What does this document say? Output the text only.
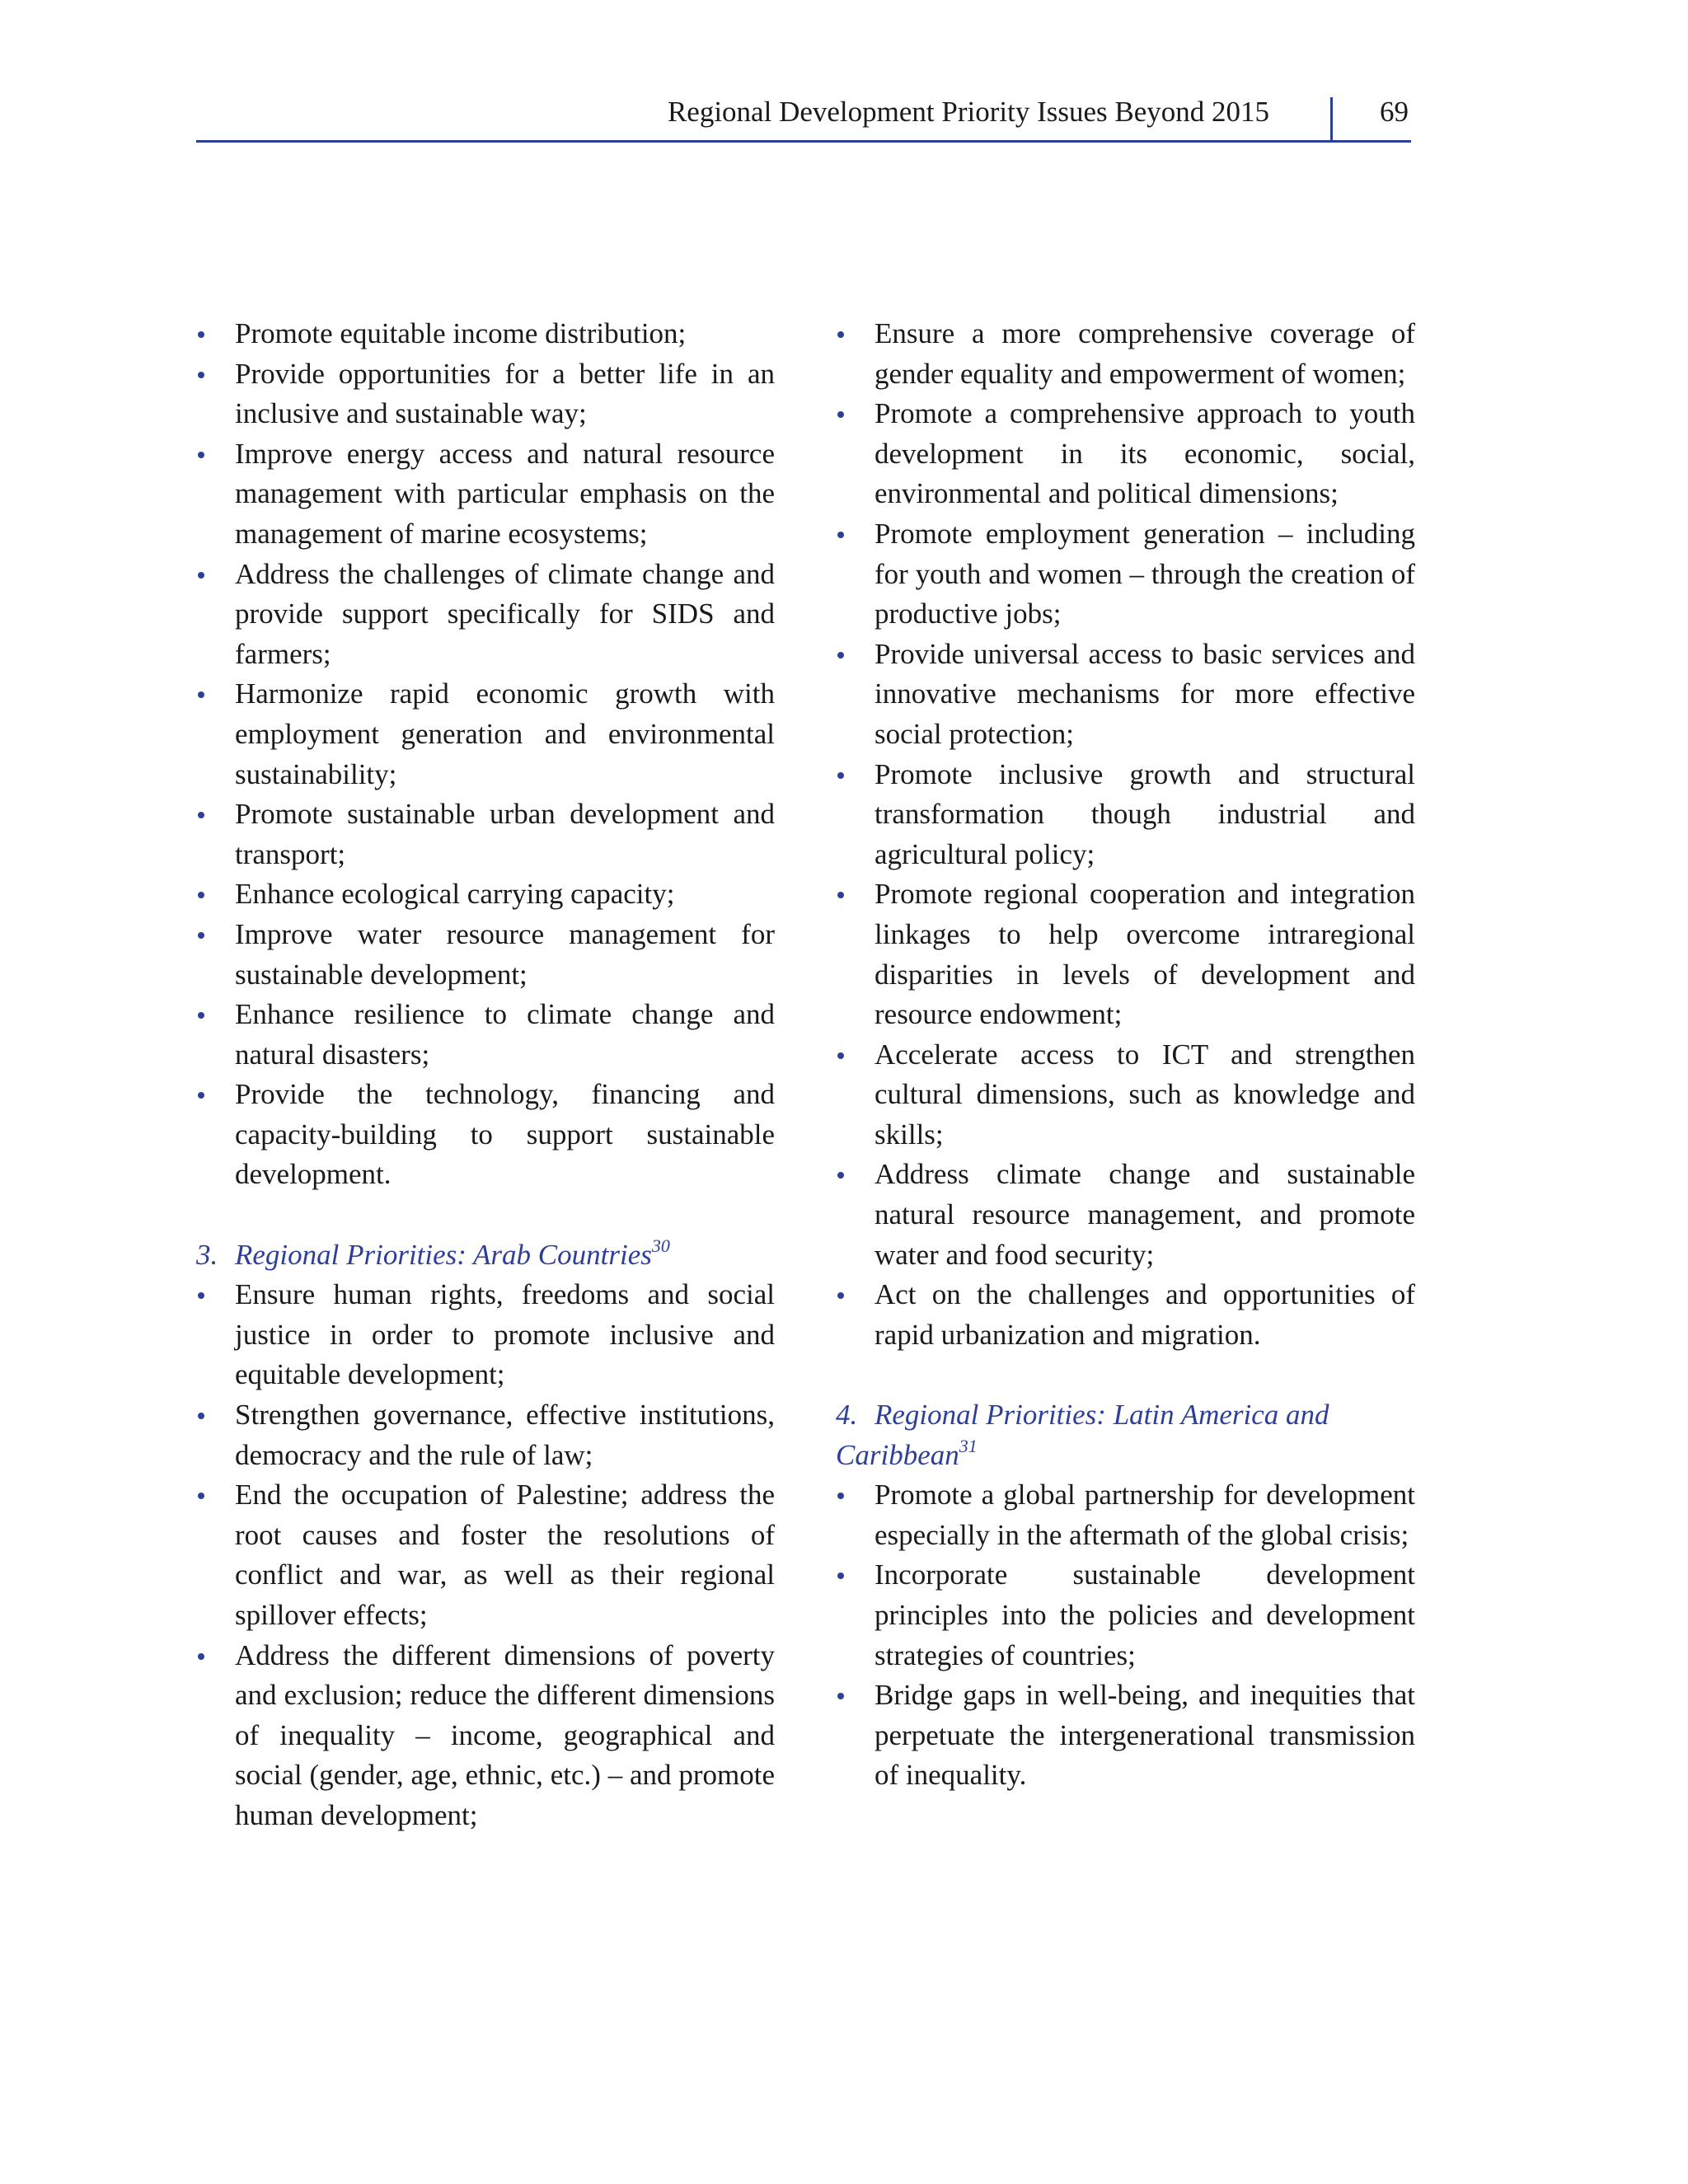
Regional Development Priority Issues Beyond 2015	69
Promote equitable income distribution;
Provide opportunities for a better life in an inclusive and sustainable way;
Improve energy access and natural resource management with particular emphasis on the management of marine ecosystems;
Address the challenges of climate change and provide support specifically for SIDS and farmers;
Harmonize rapid economic growth with employment generation and environmental sustainability;
Promote sustainable urban development and transport;
Enhance ecological carrying capacity;
Improve water resource management for sustainable development;
Enhance resilience to climate change and natural disasters;
Provide the technology, financing and capacity-building to support sustainable development.
3. Regional Priorities: Arab Countries$^{30}$
Ensure human rights, freedoms and social justice in order to promote inclusive and equitable development;
Strengthen governance, effective institutions, democracy and the rule of law;
End the occupation of Palestine; address the root causes and foster the resolutions of conflict and war, as well as their regional spillover effects;
Address the different dimensions of poverty and exclusion; reduce the different dimensions of inequality – income, geographical and social (gender, age, ethnic, etc.) – and promote human development;
Ensure a more comprehensive coverage of gender equality and empowerment of women;
Promote a comprehensive approach to youth development in its economic, social, environmental and political dimensions;
Promote employment generation – including for youth and women – through the creation of productive jobs;
Provide universal access to basic services and innovative mechanisms for more effective social protection;
Promote inclusive growth and structural transformation though industrial and agricultural policy;
Promote regional cooperation and integration linkages to help overcome intraregional disparities in levels of development and resource endowment;
Accelerate access to ICT and strengthen cultural dimensions, such as knowledge and skills;
Address climate change and sustainable natural resource management, and promote water and food security;
Act on the challenges and opportunities of rapid urbanization and migration.
4. Regional Priorities: Latin America and Caribbean$^{31}$
Promote a global partnership for development especially in the aftermath of the global crisis;
Incorporate sustainable development principles into the policies and development strategies of countries;
Bridge gaps in well-being, and inequities that perpetuate the intergenerational transmission of inequality.
